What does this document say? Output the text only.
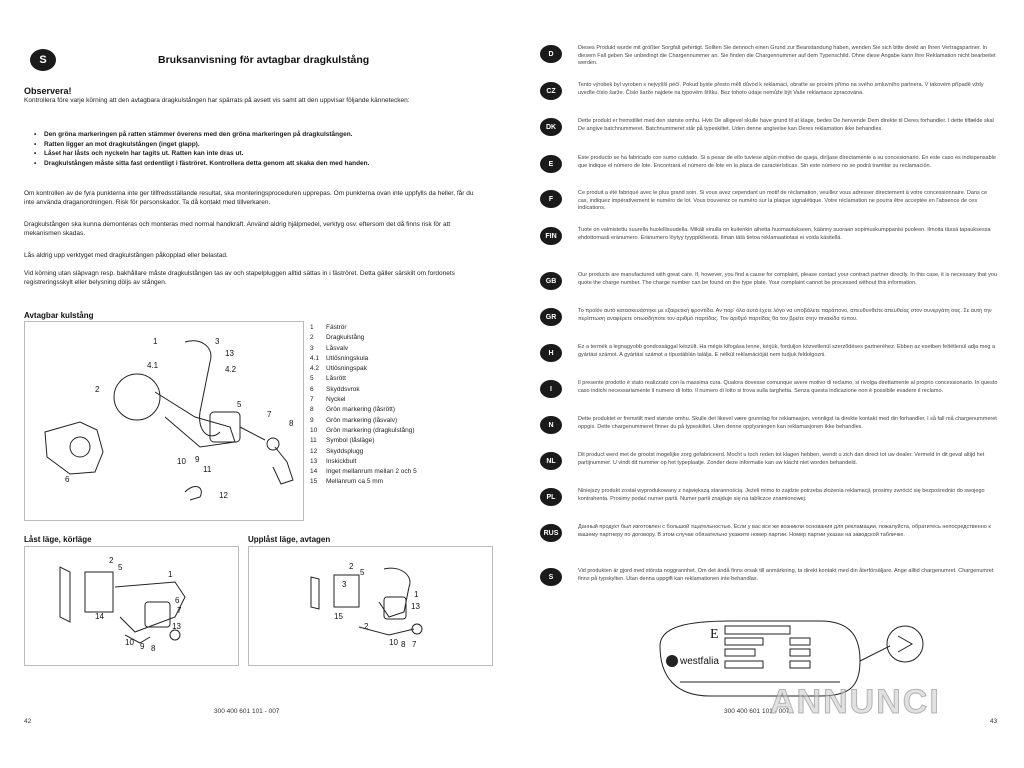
S	Bruksanvisning för avtagbar dragkulstång
Observera!
Kontrollera före varje körning att den avtagbara dragkulstången har spärrats på avsett vis samt att den uppvisar följande kännetecken:
• Den gröna markeringen på ratten stämmer överens med den gröna markeringen på dragkulstången.
• Ratten ligger an mot dragkulstången (inget glapp).
• Låset har låsts och nyckeln har tagits ut. Ratten kan inte dras ut.
• Dragkulstången måste sitta fast ordentligt i fäströret. Kontrollera detta genom att skaka den med handen.
Om kontrollen av de fyra punkterna inte ger tillfredsställande resultat, ska monteringsproceduren upprepas. Om punkterna ovan inte uppfylls da heller, får du inte använda draganordningen. Risk för personskador. Ta då kontakt med tillverkaren.
Dragkulstången ska kunna demonteras och monteras med normal handkraft. Använd aldrig hjälpmedel, verktyg osv. eftersom det då finns risk för att mekanismen skadas.
Lås aldrig upp verktyget med dragkulstången påkopplad eller belastad.
Vid körning utan släpvagn resp. bakhållare måste dragkulstången tas av och stapelpluggen alltid sättas in i fäströret. Detta gäller särskilt om fordonets registreringsskylt eller belysning döljs av stången.
Avtagbar kulstång
1	3
4.1
13
4.2
2
10 9
11
7
8
5
6
12
1	Fäströr
2	Dragkulstång
3	Låsvalv
4.1	Utlösningskula
4.2	Utlösningspak
5	Låsrött
6	Skyddsvrok
7	Nyckel
8	Grön markering (låsrött)
9	Grön markering (låsvalv)
10	Grön markering (dragkulstång)
11	Symbol (låsläge)
12	Skyddsplugg
13	Inskickbult
14	Inget mellanrum mellan 2 och 5
15	Mellanrum ca 5 mm
Låst läge, körläge
2
5
1
6
7
14
10 9 8
13
Upplåst läge, avtagen
2
5
3
1
13
15
2
10 8 7
300 400 601 101 - 007
42
D
Dieses Produkt wurde mit größter Sorgfalt gefertigt. Sollten Sie dennoch einen Grund zur Beanstandung haben, wenden Sie sich bitte direkt an Ihren Vertragspartner. In diesem Fall geben Sie unbedingt die Chargennummer an. Sie finden die Chargennummer auf dem Typenschild. Ohne diese Angabe kann Ihre Reklamation nicht bearbeitet werden.
CZ
Tento výrobek byl vyroben s nejvyšší péčí. Pokud byste přesto měli důvod k reklamaci, obraťte se prosím přímo na svého smluvního partnera. V takovém případě vždy uveďte číslo šarže. Číslo šarže najdete na typovém štítku. Bez tohoto údaje nemůže být Vaše reklamace zpracována.
DK
Dette produkt er fremstillet med den største omhu. Hvis De alligevel skulle have grund til at klage, bedes De henvende Dem direkte til Deres forhandler. I dette tilfælde skal De angive batchnummeret. Batchnummeret står på typeskiltet. Uden denne angivelse kan Deres reklamation ikke behandles.
E
Este producto se ha fabricado con sumo cuidado. Si a pesar de ello tuviese algún motivo de queja, diríjase directamente a su concesionario. En este caso es indispensable que indique el número de lote. Encontrará el número de lote en la placa de características. Sin este número no se podrá tramitar su reclamación.
F
Ce produit a été fabriqué avec le plus grand soin. Si vous avez cependant un motif de réclamation, veuillez vous adresser directement à votre concessionnaire. Dans ce cas, indiquez impérativement le numéro de lot. Vous trouverez ce numéro sur la plaque signalétique. Votre réclamation ne pourra être acceptée en l'absence de ces indications.
FIN
Tuote on valmistettu suurella huolellisuudella. Mikäli sinulla on kuitenkin aihetta huomautukseen, käänny suoraan sopimuskumppanisi puoleen. Ilmoita tässä tapauksessa ehdottomasti eränumero. Eränumero löytyy tyyppikilvestä. Ilman tätä tietoa reklamaatiotasi ei voida käsitellä.
GB
Our products are manufactured with great care. If, however, you find a cause for complaint, please contact your contract partner directly. In this case, it is necessary that you quote the charge number. The charge number can be found on the type plate. Your complaint cannot be processed without this information.
GR
Το προϊόν αυτό κατασκευάστηκε με εξαιρετική φροντίδα. Αν παρ' όλα αυτά έχετε λόγο να υποβάλετε παράπονο, απευθυνθείτε απευθείας στον συνεργάτη σας. Σε αυτή την περίπτωση αναφέρετε οπωσδήποτε τον αριθμό παρτίδας. Τον αριθμό παρτίδας θα τον βρείτε στην πινακίδα τύπου.
H
Ez a termék a legnagyobb gondossággal készült. Ha mégis kifogása lenne, kérjük, forduljon közvetlenül szerződéses partneréhez. Ebben az esetben feltétlenül adja meg a gyártási számot. A gyártási számot a típustáblán találja. E nélkül reklamációját nem tudjuk feldolgozni.
I
Il presente prodotto è stato realizzato con la massima cura. Qualora dovesse comunque avere motivo di reclamo, si rivolga direttamente al proprio concessionario. In questo caso indichi necessariamente il numero di lotto. Il numero di lotto si trova sulla targhetta. Senza questa indicazione non è possibile evadere il reclamo.
N
Dette produktet er fremstilt med største omhu. Skulle det likevel være grunnlag for reklamasjon, vennligst ta direkte kontakt med din forhandler. I så fall må chargenummeret oppgis. Dette chargenummeret finner du på typeskiltet. Uten denne opplysningen kan reklamasjonen ikke behandles.
NL
Dit product werd met de grootst mogelijke zorg gefabriceerd. Mocht u toch reden tot klagen hebben, wendt u zich dan direct tot uw dealer. Vermeld in dit geval altijd het partijnummer. U vindt dit nummer op het typeplaatje. Zonder deze informatie kan uw klacht niet worden behandeld.
PL
Niniejszy produkt został wyprodukowany z największą starannością. Jeżeli mimo to zajdzie potrzeba złożenia reklamacji, prosimy zwrócić się bezpośrednio do swojego kontrahenta. Prosimy podać numer partii. Numer partii znajduje się na tabliczce znamionowej.
RUS
Данный продукт был изготовлен с большой тщательностью. Если у вас все же возникли основания для рекламации, пожалуйста, обратитесь непосредственно к вашему партнеру по договору. В этом случае обязательно укажите номер партии. Номер партии указан на заводской табличке.
S
Vid produkten är gjord med största noggrannhet. Om det ändå finns orsak till anmärkning, ta direkt kontakt med din återförsäljare. Ange alltid chargenumret. Chargenumret finns på typskylten. Utan denna uppgift kan reklamationen inte behandlas.
E
westfalia
300 400 601 101 - 007
43
ANNUNCI
